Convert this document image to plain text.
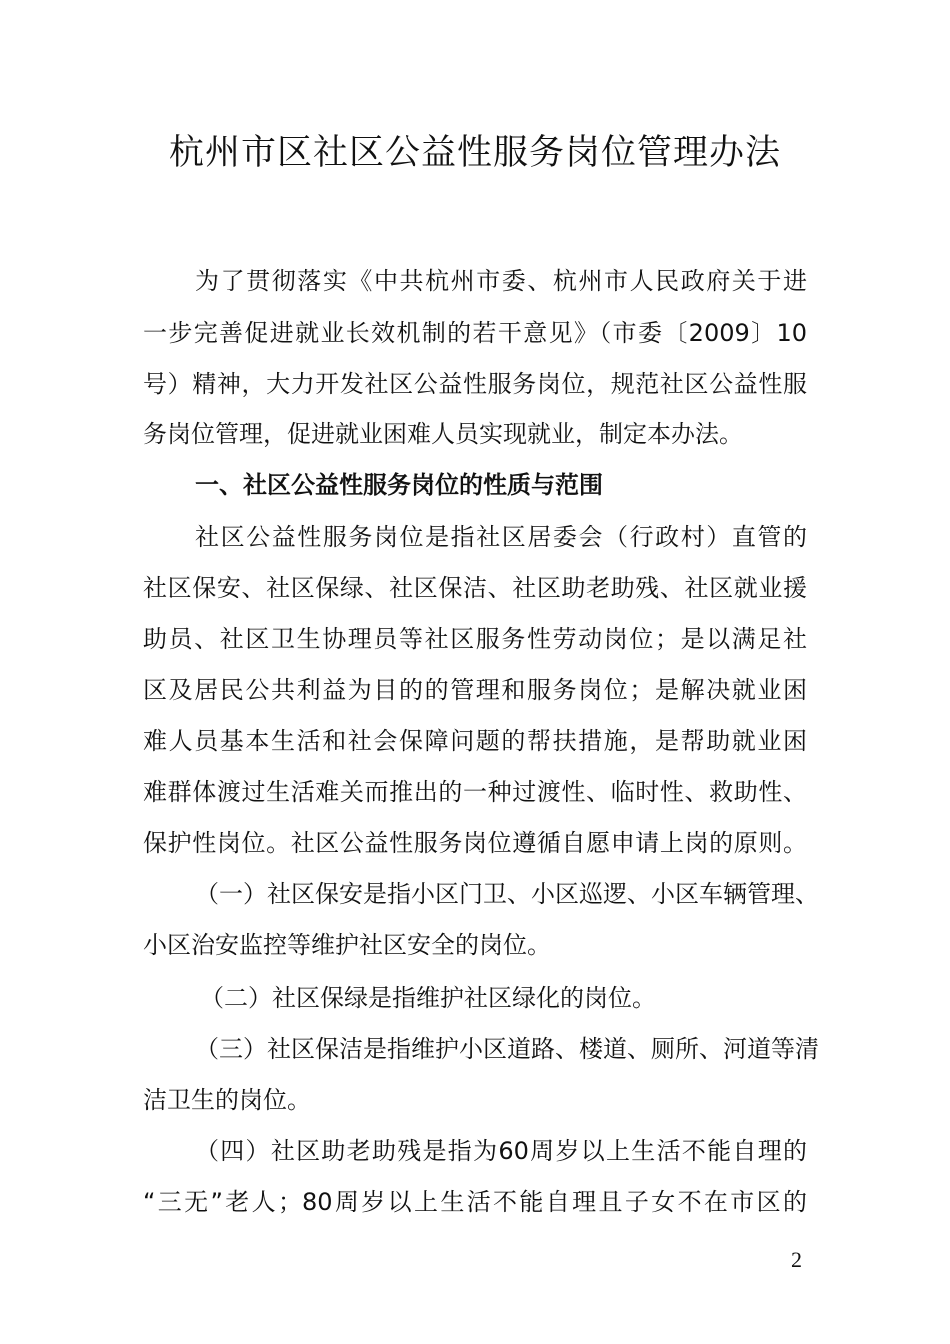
杭州市区社区公益性服务岗位管理办法
为了贯彻落实《中共杭州市委、杭州市人民政府关于进
一步完善促进就业长效机制的若干意见》（市委〔2009〕10
号）精神，大力开发社区公益性服务岗位，规范社区公益性服
务岗位管理，促进就业困难人员实现就业，制定本办法。
一、社区公益性服务岗位的性质与范围
社区公益性服务岗位是指社区居委会（行政村）直管的
社区保安、社区保绿、社区保洁、社区助老助残、社区就业援
助员、社区卫生协理员等社区服务性劳动岗位；是以满足社
区及居民公共利益为目的的管理和服务岗位；是解决就业困
难人员基本生活和社会保障问题的帮扶措施，是帮助就业困
难群体渡过生活难关而推出的一种过渡性、临时性、救助性、
保护性岗位。社区公益性服务岗位遵循自愿申请上岗的原则。
（一）社区保安是指小区门卫、小区巡逻、小区车辆管理、
小区治安监控等维护社区安全的岗位。
（二）社区保绿是指维护社区绿化的岗位。
（三）社区保洁是指维护小区道路、楼道、厕所、河道等清
洁卫生的岗位。
（四）社区助老助残是指为60周岁以上生活不能自理的
“三无”老人；80周岁以上生活不能自理且子女不在市区的
2
